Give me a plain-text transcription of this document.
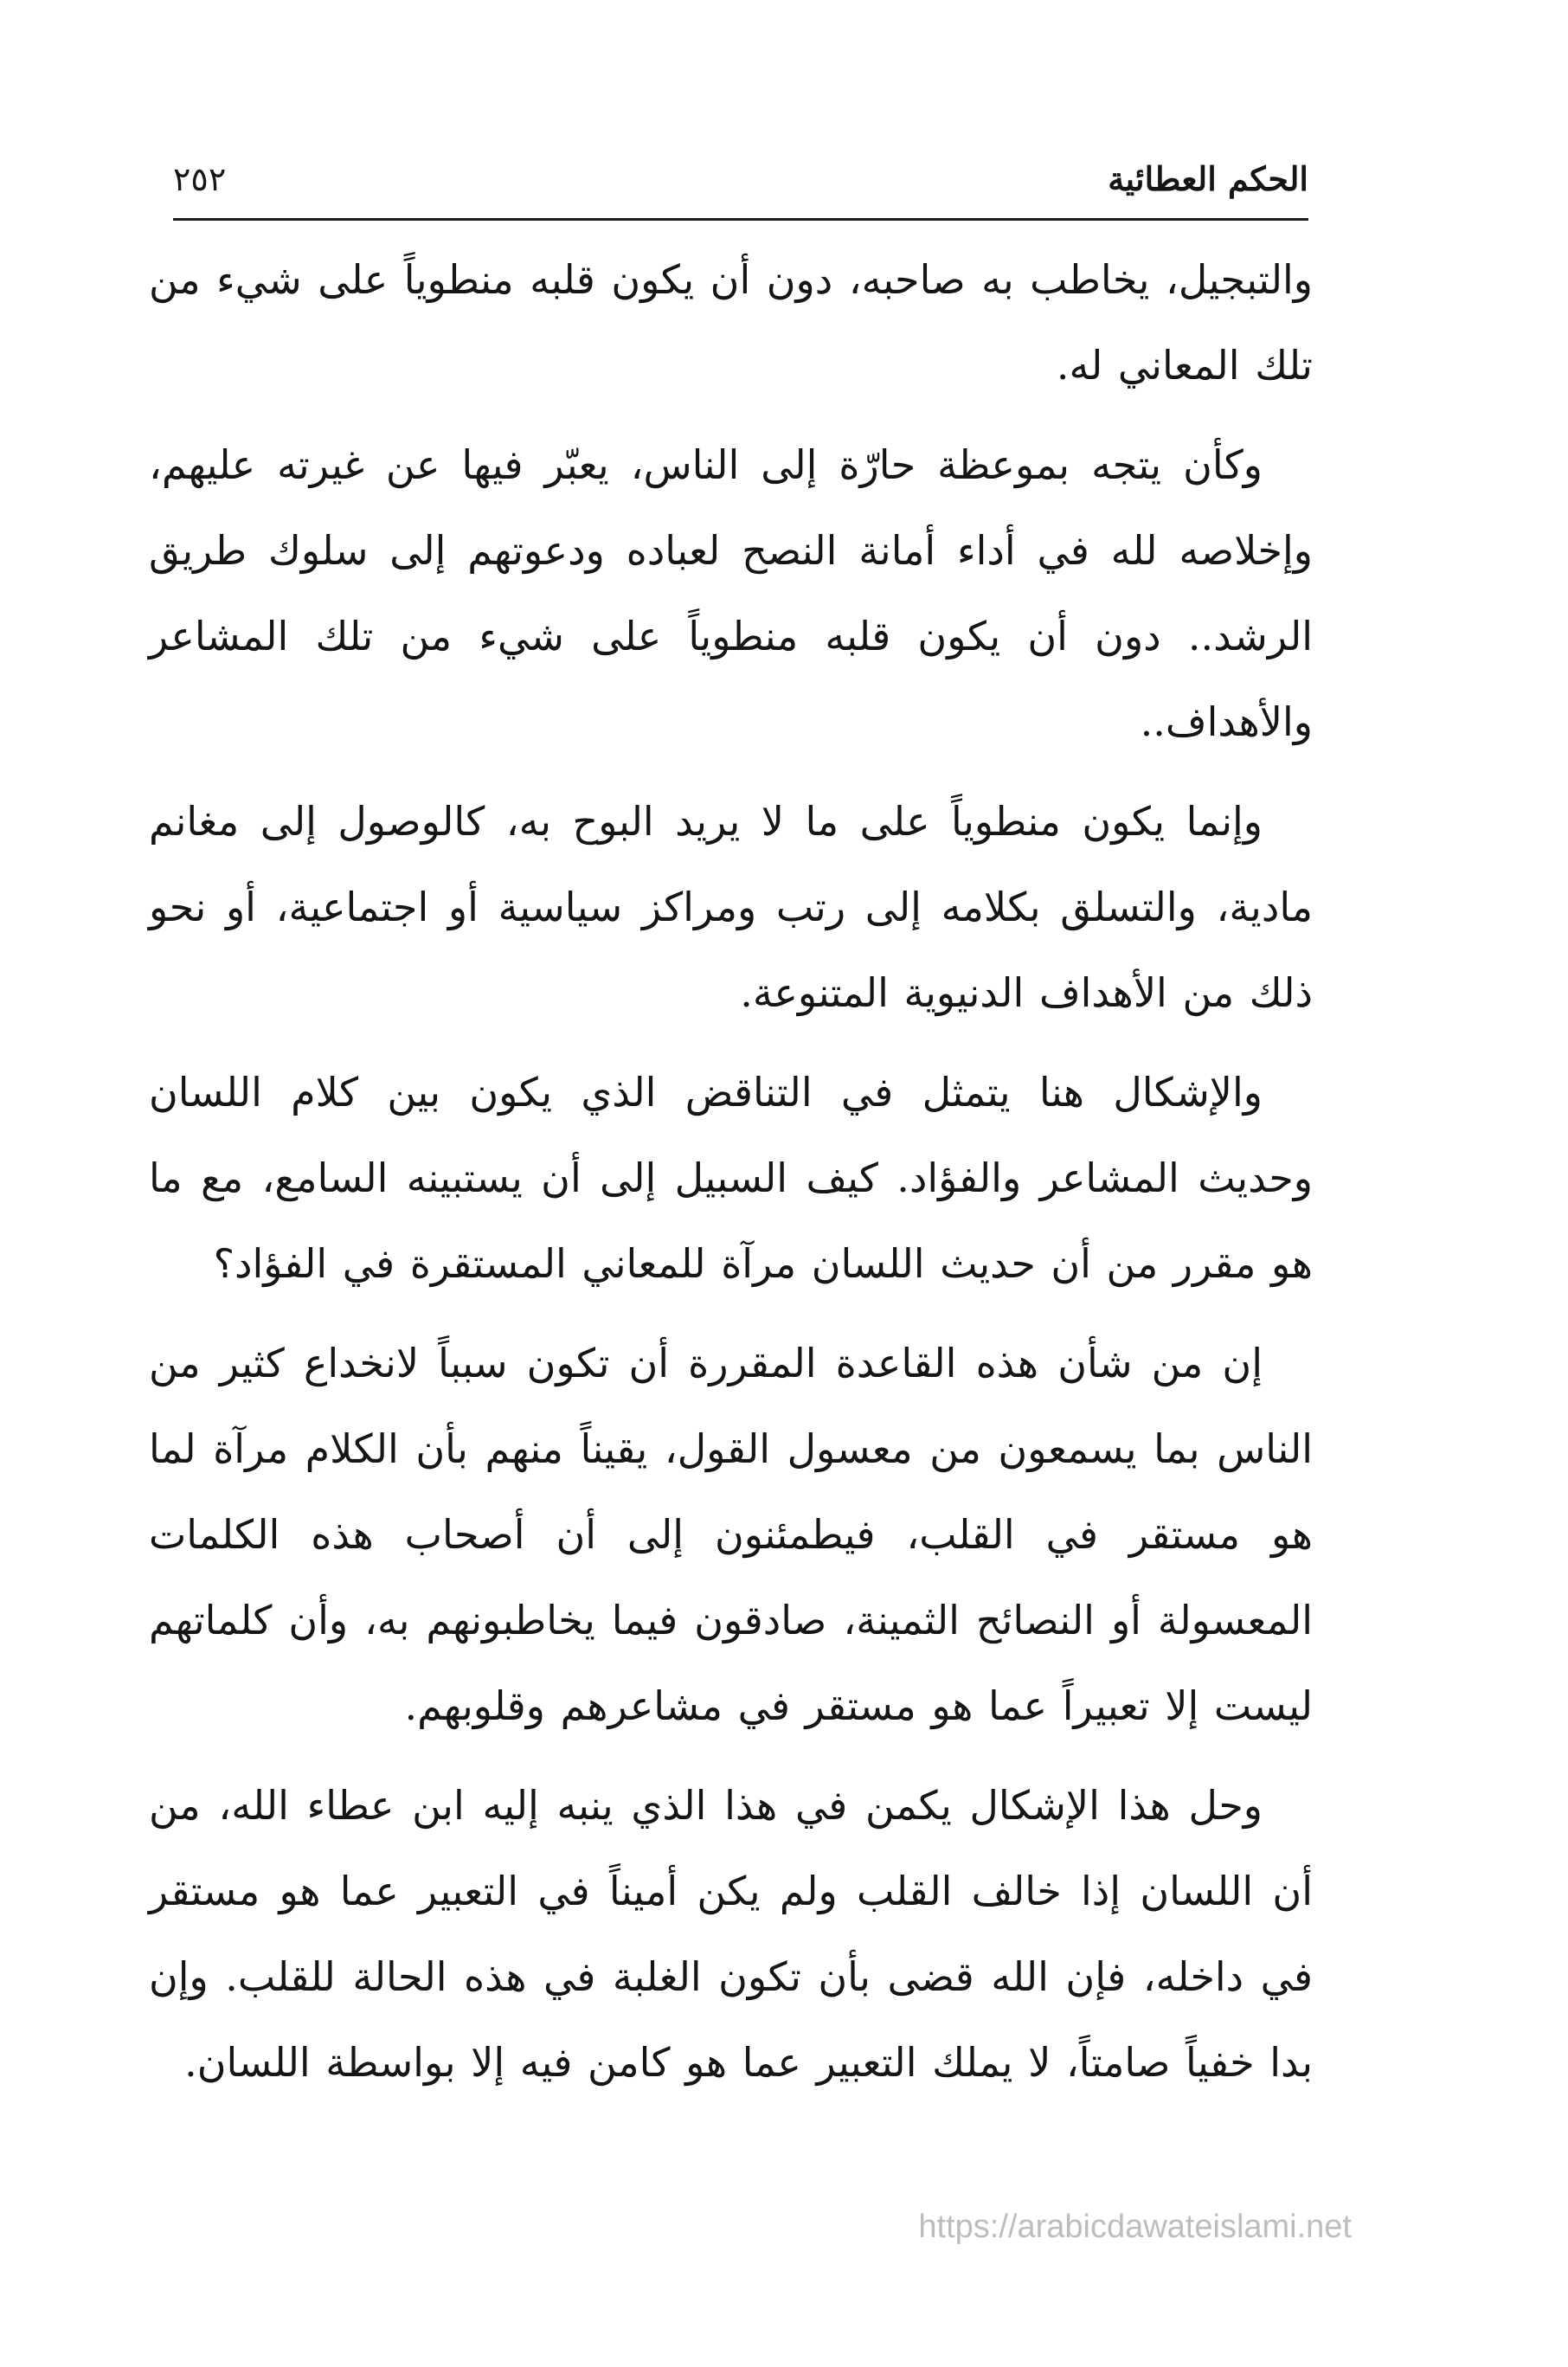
الحكم العطائية
٢٥٢

والتبجيل، يخاطب به صاحبه، دون أن يكون قلبه منطوياً على شيء من تلك المعاني له.

وكأن يتجه بموعظة حارّة إلى الناس، يعبّر فيها عن غيرته عليهم، وإخلاصه لله في أداء أمانة النصح لعباده ودعوتهم إلى سلوك طريق الرشد.. دون أن يكون قلبه منطوياً على شيء من تلك المشاعر والأهداف..

وإنما يكون منطوياً على ما لا يريد البوح به، كالوصول إلى مغانم مادية، والتسلق بكلامه إلى رتب ومراكز سياسية أو اجتماعية، أو نحو ذلك من الأهداف الدنيوية المتنوعة.

والإشكال هنا يتمثل في التناقض الذي يكون بين كلام اللسان وحديث المشاعر والفؤاد. كيف السبيل إلى أن يستبينه السامع، مع ما هو مقرر من أن حديث اللسان مرآة للمعاني المستقرة في الفؤاد؟

إن من شأن هذه القاعدة المقررة أن تكون سبباً لانخداع كثير من الناس بما يسمعون من معسول القول، يقيناً منهم بأن الكلام مرآة لما هو مستقر في القلب، فيطمئنون إلى أن أصحاب هذه الكلمات المعسولة أو النصائح الثمينة، صادقون فيما يخاطبونهم به، وأن كلماتهم ليست إلا تعبيراً عما هو مستقر في مشاعرهم وقلوبهم.

وحل هذا الإشكال يكمن في هذا الذي ينبه إليه ابن عطاء الله، من أن اللسان إذا خالف القلب ولم يكن أميناً في التعبير عما هو مستقر في داخله، فإن الله قضى بأن تكون الغلبة في هذه الحالة للقلب. وإن بدا خفياً صامتاً، لا يملك التعبير عما هو كامن فيه إلا بواسطة اللسان.

https://arabicdawateislami.net
